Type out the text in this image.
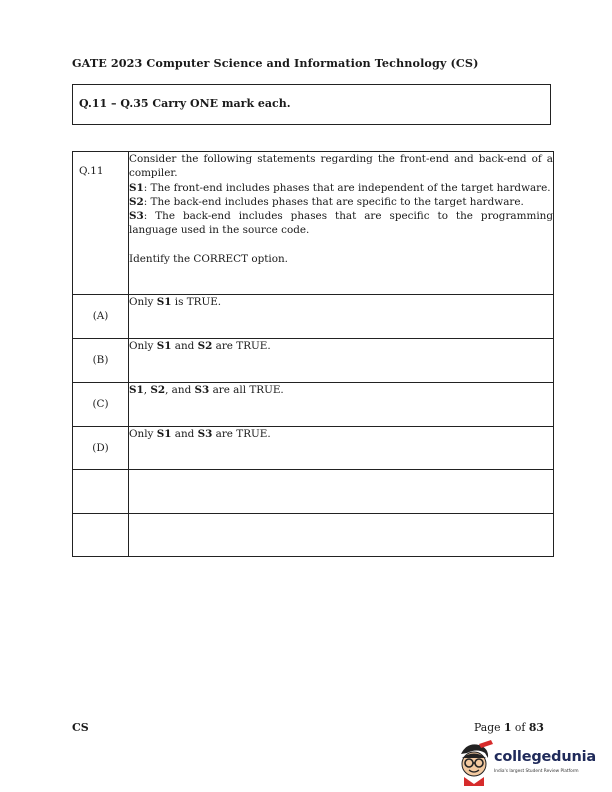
GATE 2023 Computer Science and Information Technology (CS)
Q.11 – Q.35 Carry ONE mark each.
Q.11	Consider the following statements regarding the front-end and back-end of a compiler.
S1: The front-end includes phases that are independent of the target hardware.
S2: The back-end includes phases that are specific to the target hardware.
S3: The back-end includes phases that are specific to the programming language used in the source code.
Identify the CORRECT option.

(A)	Only S1 is TRUE.
(B)	Only S1 and S2 are TRUE.
(C)	S1, S2, and S3 are all TRUE.
(D)	Only S1 and S3 are TRUE.

CS	Page 1 of 83
collegedunia
India's largest Student Review Platform
